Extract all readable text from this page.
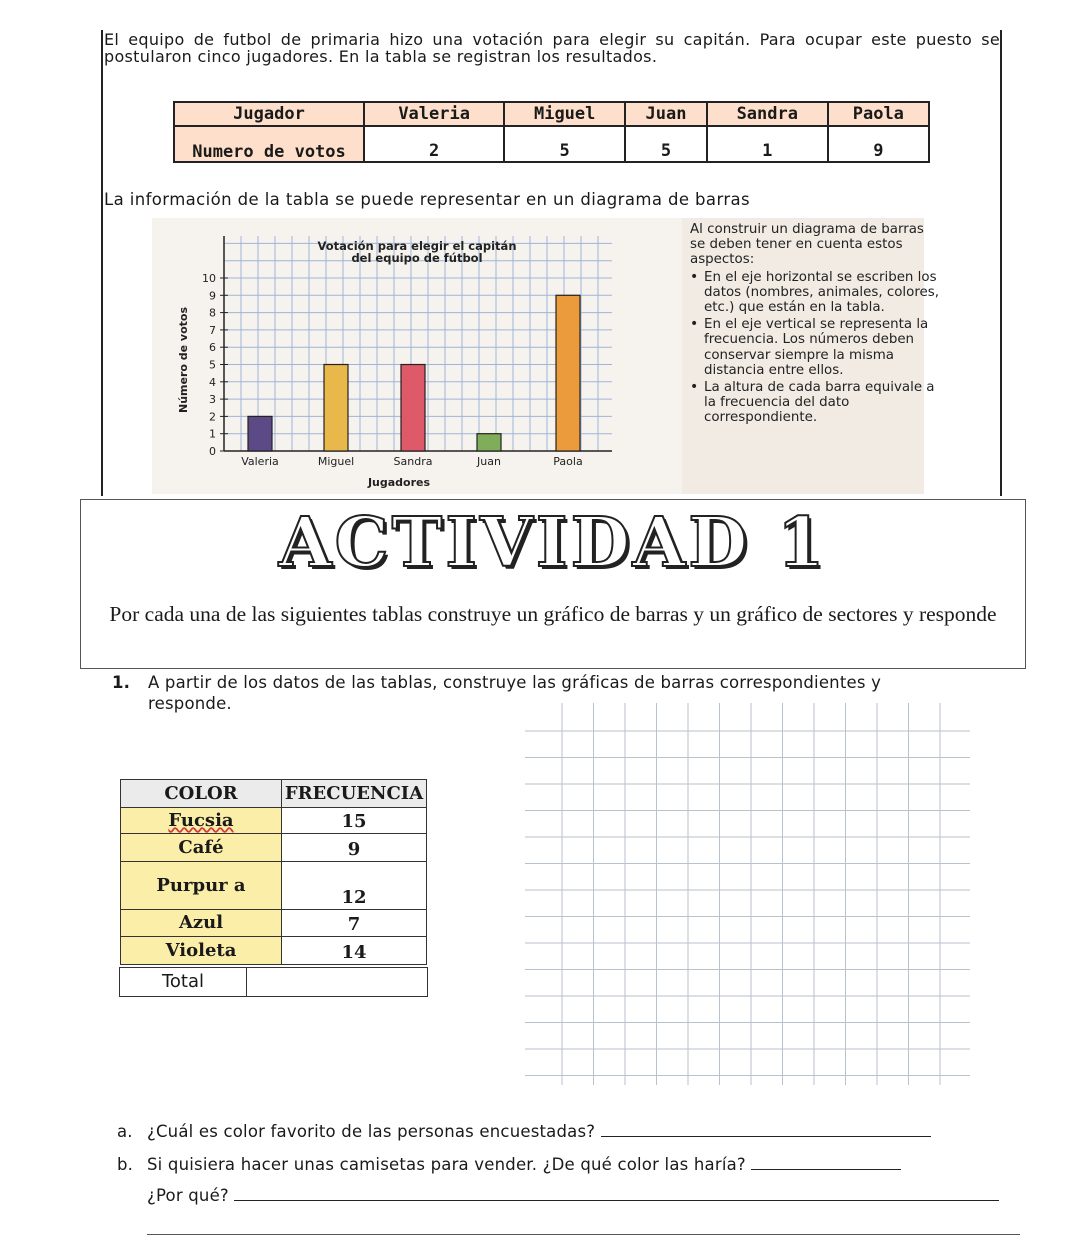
El equipo de futbol de primaria hizo una votación para elegir su capitán. Para ocupar este puesto se postularon cinco jugadores. En la tabla se registran los resultados.
Jugador	Valeria	Miguel	Juan	Sandra	Paola
Numero de votos	2	5	5	1	9
La información de la tabla se puede representar en un diagrama de barras
0
1
2
3
4
5
6
7
8
9
10
Valeria	Miguel	Sandra	Juan	Paola
Votación para elegir el capitán
del equipo de fútbol
Jugadores
Número de votos

Al construir un diagrama de barras se deben tener en cuenta estos aspectos:

• En el eje horizontal se escriben los datos (nombres, animales, colores, etc.) que están en la tabla.

• En el eje vertical se representa la frecuencia. Los números deben conservar siempre la misma distancia entre ellos.

• La altura de cada barra equivale a la frecuencia del dato correspondiente.

ACTIVIDAD 1
Por cada una de las siguientes tablas construye un gráfico de barras y un gráfico de sectores y responde
1. A partir de los datos de las tablas, construye las gráficas de barras correspondientes y
responde.
COLOR	FRECUENCIA
Fucsia	15
Café	9
Purpur a	12
Azul	7
Violeta	14
Total
a. ¿Cuál es color favorito de las personas encuestadas?
b. Si quisiera hacer unas camisetas para vender. ¿De qué color las haría?
¿Por qué?
